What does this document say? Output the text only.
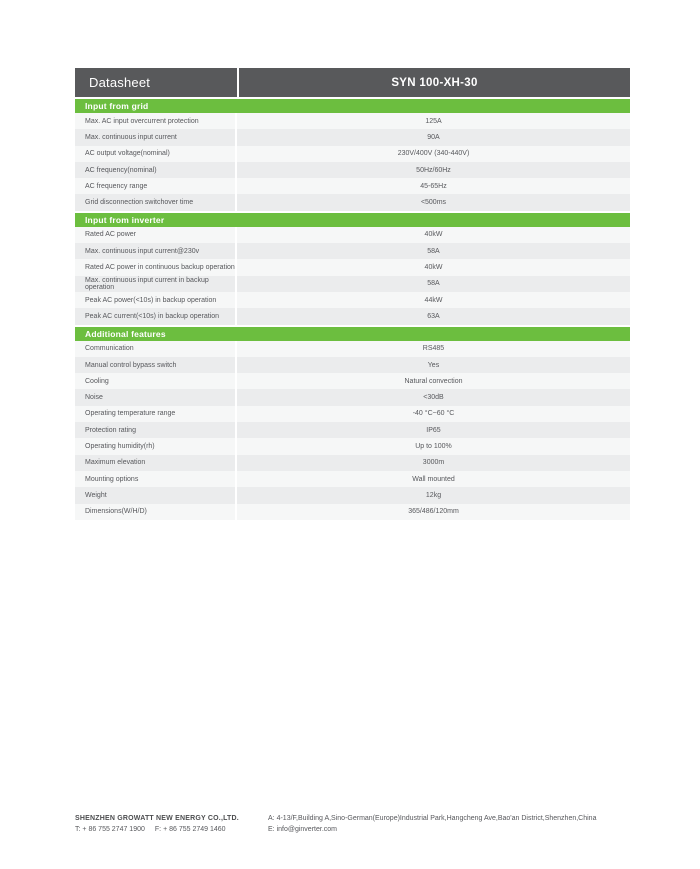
Datasheet	SYN 100-XH-30
Input from grid
Max. AC input overcurrent protection	125A
Max. continuous input current	90A
AC output voltage(nominal)	230V/400V (340-440V)
AC frequency(nominal)	50Hz/60Hz
AC frequency range	45-65Hz
Grid disconnection switchover time	<500ms
Input from inverter
Rated AC power	40kW
Max. continuous input current@230v	58A
Rated AC power in continuous backup operation	40kW
Max. continuous input current in backup operation	58A
Peak AC power(<10s) in backup operation	44kW
Peak AC current(<10s) in backup operation	63A
Additional features
Communication	RS485
Manual control bypass switch	Yes
Cooling	Natural convection
Noise	<30dB
Operating temperature range	-40 °C~60 °C
Protection rating	IP65
Operating humidity(rh)	Up to 100%
Maximum elevation	3000m
Mounting options	Wall mounted
Weight	12kg
Dimensions(W/H/D)	365/486/120mm
SHENZHEN GROWATT NEW ENERGY CO.,LTD.
T: + 86 755 2747 1900 F: + 86 755 2749 1460
A: 4-13/F,Building A,Sino-German(Europe)Industrial Park,Hangcheng Ave,Bao'an District,Shenzhen,China
E: info@ginverter.com
